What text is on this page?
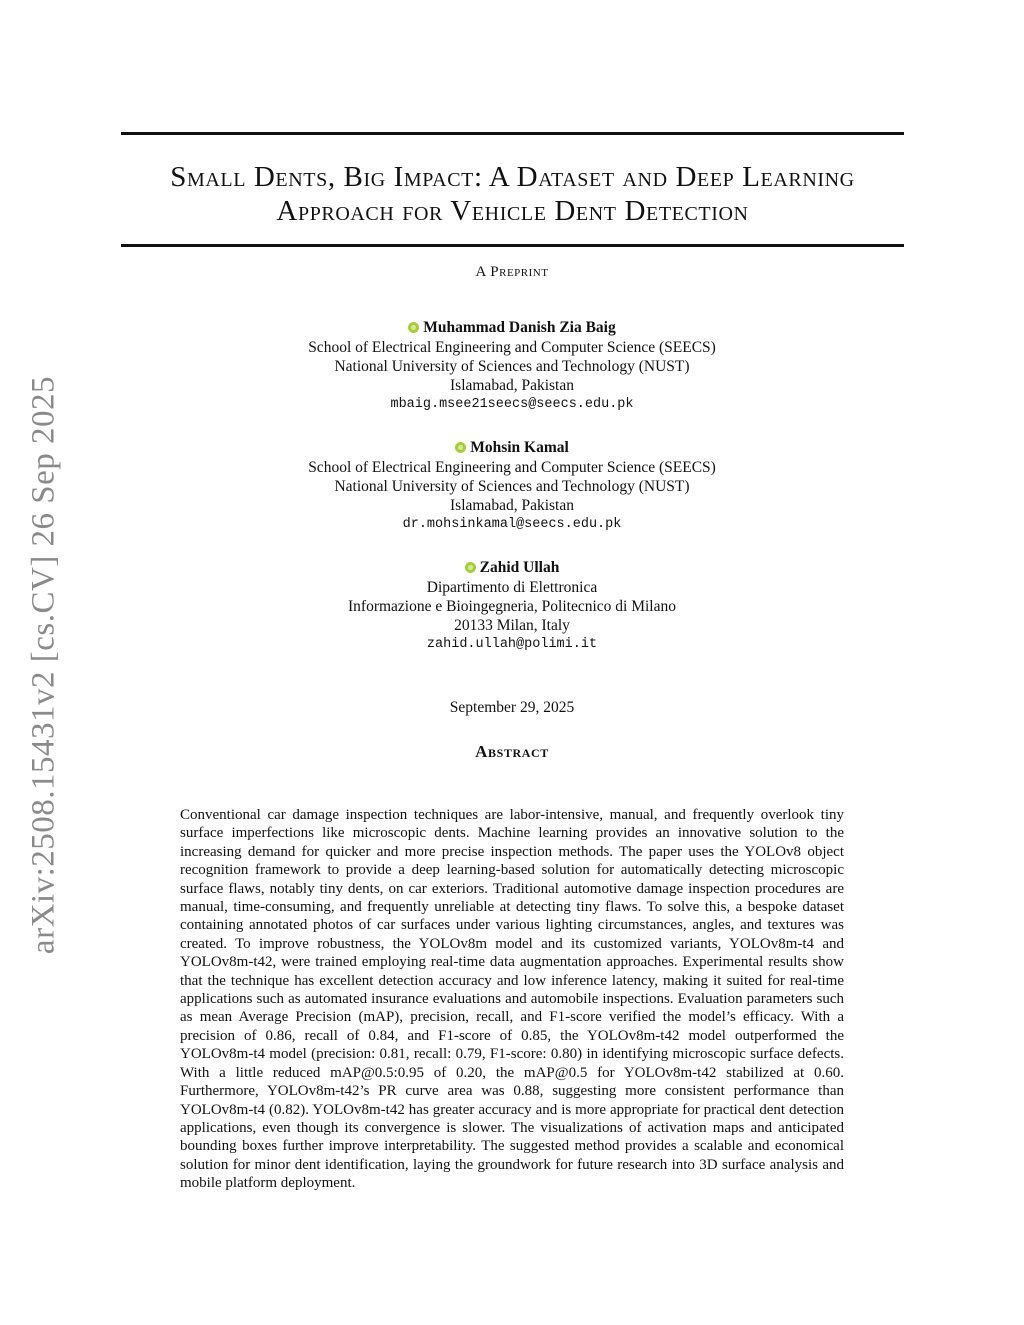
arXiv:2508.15431v2 [cs.CV] 26 Sep 2025
Small Dents, Big Impact: A Dataset and Deep Learning
Approach for Vehicle Dent Detection
A Preprint
Muhammad Danish Zia Baig
School of Electrical Engineering and Computer Science (SEECS)
National University of Sciences and Technology (NUST)
Islamabad, Pakistan
mbaig.msee21seecs@seecs.edu.pk
Mohsin Kamal
School of Electrical Engineering and Computer Science (SEECS)
National University of Sciences and Technology (NUST)
Islamabad, Pakistan
dr.mohsinkamal@seecs.edu.pk
Zahid Ullah
Dipartimento di Elettronica
Informazione e Bioingegneria, Politecnico di Milano
20133 Milan, Italy
zahid.ullah@polimi.it
September 29, 2025
Abstract

Conventional car damage inspection techniques are labor-intensive, manual, and frequently overlook tiny surface imperfections like microscopic dents. Machine learning provides an innovative solution to the increasing demand for quicker and more precise inspection methods. The paper uses the YOLOv8 object recognition framework to provide a deep learning-based solution for automatically detecting microscopic surface flaws, notably tiny dents, on car exteriors. Traditional automotive damage inspection procedures are manual, time-consuming, and frequently unreliable at detecting tiny flaws. To solve this, a bespoke dataset containing annotated photos of car surfaces under various lighting circumstances, angles, and textures was created. To improve robustness, the YOLOv8m model and its customized variants, YOLOv8m-t4 and YOLOv8m-t42, were trained employing real-time data augmentation approaches. Experimental results show that the technique has excellent detection accuracy and low inference latency, making it suited for real-time applications such as automated insurance evaluations and automobile inspections. Evaluation parameters such as mean Average Precision (mAP), precision, recall, and F1-score verified the model’s efficacy. With a precision of 0.86, recall of 0.84, and F1-score of 0.85, the YOLOv8m-t42 model outperformed the YOLOv8m-t4 model (precision: 0.81, recall: 0.79, F1-score: 0.80) in identifying microscopic surface defects. With a little reduced mAP@0.5:0.95 of 0.20, the mAP@0.5 for YOLOv8m-t42 stabilized at 0.60. Furthermore, YOLOv8m-t42’s PR curve area was 0.88, suggesting more consistent performance than YOLOv8m-t4 (0.82). YOLOv8m-t42 has greater accuracy and is more appropriate for practical dent detection applications, even though its convergence is slower. The visualizations of activation maps and anticipated bounding boxes further improve interpretability. The suggested method provides a scalable and economical solution for minor dent identification, laying the groundwork for future research into 3D surface analysis and mobile platform deployment.
